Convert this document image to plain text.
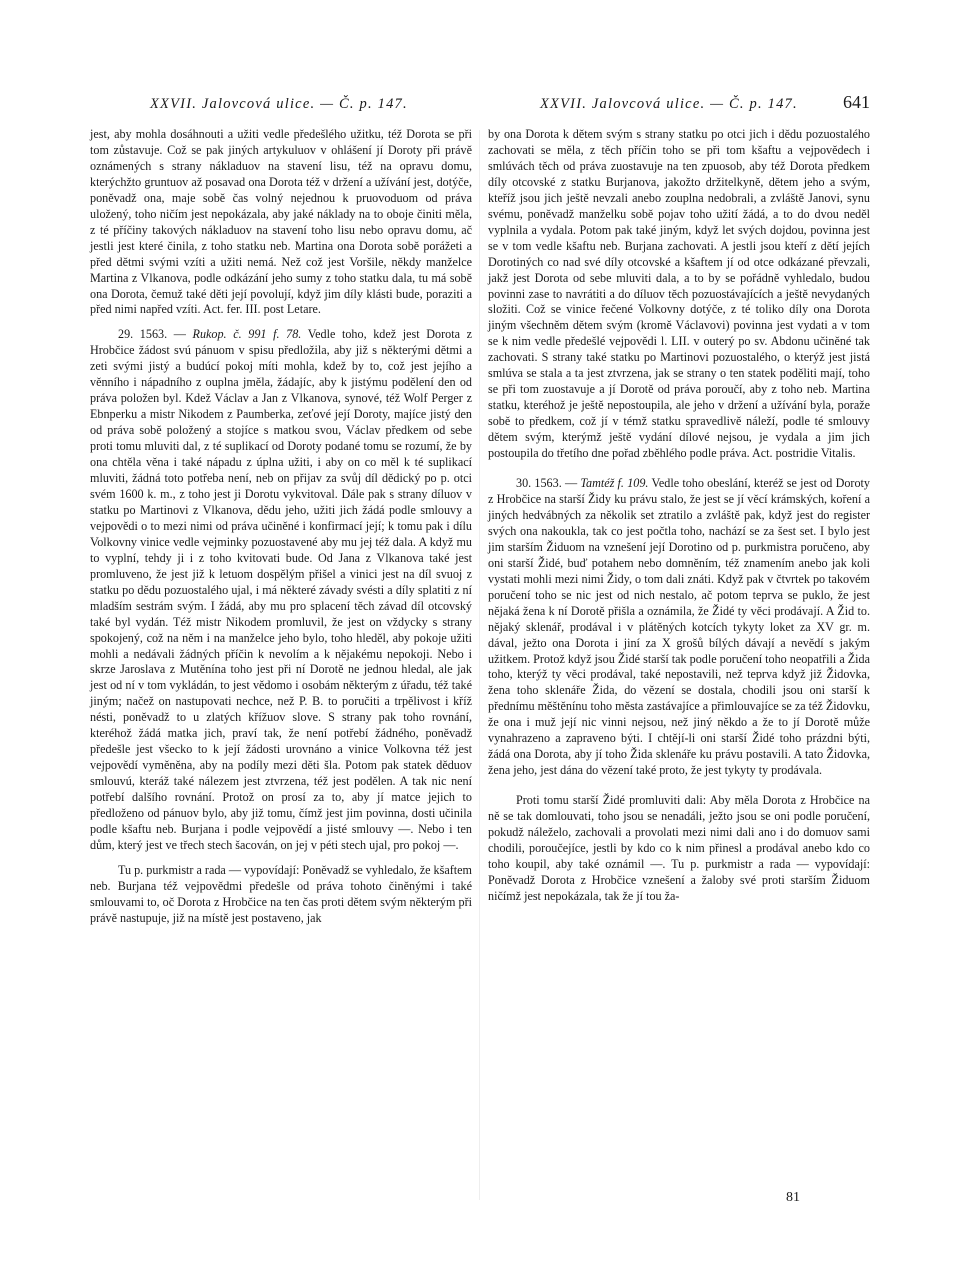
XXVII. Jalovcová ulice. — Č. p. 147.	XXVII. Jalovcová ulice. — Č. p. 147.	641

jest, aby mohla dosáhnouti a užiti vedle předešlého užitku, též Dorota se při tom zůstavuje. Což se pak jiných artykuluov v ohlášení jí Doroty při právě oznámených s strany nákladuov na stavení lisu, též na opravu domu, kterýchžto gruntuov až posavad ona Dorota též v držení a užívání jest, dotýče, poněvadž ona, maje sobě čas volný nejednou k pruovoduom od práva uložený, toho ničím jest nepokázala, aby jaké náklady na to oboje činiti měla, z té příčiny takových nákladuov na stavení toho lisu nebo opravu domu, ač jestli jest které činila, z toho statku neb. Martina ona Dorota sobě porážeti a před dětmi svými vzíti a užiti nemá. Než což jest Voršile, někdy manželce Martina z Vlkanova, podle odkázání jeho sumy z toho statku dala, tu má sobě ona Dorota, čemuž také děti její povolují, když jim díly klásti bude, poraziti a před nimi napřed vzíti. Act. fer. III. post Letare.

29. 1563. — Rukop. č. 991 f. 78. Vedle toho, kdež jest Dorota z Hrobčice žádost svú pánuom v spisu předložila, aby již s některými dětmi a zeti svými jistý a budúcí pokoj míti mohla, kdež by to, což jest jejího a věnního i nápadního z ouplna jměla, žádajíc, aby k jistýmu podělení den od práva položen byl. Kdež Václav a Jan z Vlkanova, synové, též Wolf Perger z Ebnperku a mistr Nikodem z Paumberka, zeťové její Doroty, majíce jistý den od práva sobě položený a stojíce s matkou svou, Václav předkem od sebe proti tomu mluviti dal, z té suplikací od Doroty podané tomu se rozumí, že by ona chtěla věna i také nápadu z úplna užiti, i aby on co měl k té suplikací mluviti, žádná toto potřeba není, neb on přijav za svůj díl dědický po p. otci svém 1600 k. m., z toho jest ji Dorotu vykvitoval. Dále pak s strany díluov v statku po Martinovi z Vlkanova, dědu jeho, užiti jich žádá podle smlouvy a vejpovědi o to mezi nimi od práva učiněné i konfirmací její; k tomu pak i dílu Volkovny vinice vedle vejminky pozuostavené aby mu jej též dala. A když mu to vyplní, tehdy ji i z toho kvitovati bude. Od Jana z Vlkanova také jest promluveno, že jest již k letuom dospělým přišel a vinici jest na díl svuoj z statku po dědu pozuostalého ujal, i má některé závady svésti a díly splatiti z ní mladším sestrám svým. I žádá, aby mu pro splacení těch závad díl otcovský také byl vydán. Též mistr Nikodem promluvil, že jest on vždycky s strany spokojený, což na něm i na manželce jeho bylo, toho hleděl, aby pokoje užiti mohli a nedávali žádných příčin k nevolím a k nějakému nepokoji. Nebo i skrze Jaroslava z Mutěnína toho jest při ní Dorotě ne jednou hledal, ale jak jest od ní v tom vykládán, to jest vědomo i osobám některým z úřadu, též také jiným; načež on nastupovati nechce, než P. B. to poručiti a trpělivost i kříž nésti, poněvadž to u zlatých křížuov slove. S strany pak toho rovnání, kteréhož žádá matka jich, praví tak, že není potřebí žádného, poněvadž předešle jest všecko to k její žádosti urovnáno a vinice Volkovna též jest vejpovědí vyměněna, aby na podíly mezi děti šla. Potom pak statek děduov smlouvú, kteráž také nálezem jest ztvrzena, též jest podělen. A tak nic není potřebí dalšího rovnání. Protož on prosí za to, aby jí matce jejich to předloženo od pánuov bylo, aby již tomu, čímž jest jim povinna, dosti učinila podle kšaftu neb. Burjana i podle vejpovědí a jisté smlouvy —. Nebo i ten dům, který jest ve třech stech šacován, on jej v péti stech ujal, pro pokoj —.

Tu p. purkmistr a rada — vypovídají: Poněvadž se vyhledalo, že kšaftem neb. Burjana též vejpovědmi předešle od práva tohoto činěnými i také smlouvami to, oč Dorota z Hrobčice na ten čas proti dětem svým některým při právě nastupuje, již na místě jest postaveno, jak

by ona Dorota k dětem svým s strany statku po otci jich i dědu pozuostalého zachovati se měla, z těch příčin toho se při tom kšaftu a vejpovědech i smlúvách těch od práva zuostavuje na ten zpuosob, aby též Dorota předkem díly otcovské z statku Burjanova, jakožto držitelkyně, dětem jeho a svým, kteříž jsou jich ještě nevzali anebo zouplna nedobrali, a zvláště Janovi, synu svému, poněvadž manželku sobě pojav toho užití žádá, a to do dvou neděl vyplnila a vydala. Potom pak také jiným, když let svých dojdou, povinna jest se v tom vedle kšaftu neb. Burjana zachovati. A jestli jsou kteří z dětí jejích Dorotiných co nad své díly otcovské a kšaftem jí od otce odkázané převzali, jakž jest Dorota od sebe mluviti dala, a to by se pořádně vyhledalo, budou povinni zase to navrátiti a do díluov těch pozuostávajících a ještě nevydaných složiti. Což se vinice řečené Volkovny dotýče, z té toliko díly ona Dorota jiným všechněm dětem svým (kromě Václavovi) povinna jest vydati a v tom se k nim vedle předešlé vejpovědi l. LII. v outerý po sv. Abdonu učiněné tak zachovati. S strany také statku po Martinovi pozuostalého, o kterýž jest jistá smlúva se stala a ta jest ztvrzena, jak se strany o ten statek poděliti mají, toho se při tom zuostavuje a jí Dorotě od práva poroučí, aby z toho neb. Martina statku, kteréhož je ještě nepostoupila, ale jeho v držení a užívání byla, poraže sobě to předkem, což jí v témž statku spravedlivě náleží, podle té smlouvy dětem svým, kterýmž ještě vydání dílové nejsou, je vydala a jim jich postoupila do třetího dne pořad zběhlého podle práva. Act. postridie Vitalis.

30. 1563. — Tamtéž f. 109. Vedle toho obeslání, kteréž se jest od Doroty z Hrobčice na starší Židy ku právu stalo, že jest se jí věcí krámských, koření a jiných hedvábných za několik set ztratilo a zvláště pak, když jest do register svých ona nakoukla, tak co jest počtla toho, nachází se za šest set. I bylo jest jim starším Židuom na vznešení její Dorotino od p. purkmistra poručeno, aby oni starší Židé, buď potahem nebo domněním, též znamením anebo jak koli vystati mohli mezi nimi Židy, o tom dali znáti. Když pak v čtvrtek po takovém poručení toho se nic jest od nich nestalo, ač potom teprva se puklo, že jest nějaká žena k ní Dorotě přišla a oznámila, že Židé ty věci prodávají. A Žid to. nějaký sklenář, prodával i v plátěných kotcích tykyty loket za XV gr. m. dával, ježto ona Dorota i jiní za X grošů bílých dávají a nevědí s jakým užitkem. Protož když jsou Židé starší tak podle poručení toho neopatřili a Žida toho, kterýž ty věci prodával, také nepostavili, než teprva když již Židovka, žena toho sklenáře Žida, do vězení se dostala, chodili jsou oni starší k přednímu měštěnínu toho města zastávajíce a přimlouvajíce se za též Židovku, že ona i muž její nic vinni nejsou, než jiný někdo a že to jí Dorotě může vynahrazeno a zapraveno býti. I chtějí-li oni starší Židé toho prázdni býti, žádá ona Dorota, aby jí toho Žida sklenáře ku právu postavili. A tato Židovka, žena jeho, jest dána do vězení také proto, že jest tykyty ty prodávala.

Proti tomu starší Židé promluviti dali: Aby měla Dorota z Hrobčice na ně se tak domlouvati, toho jsou se nenadáli, ježto jsou se oni podle poručení, pokudž náleželo, zachovali a provolati mezi nimi dali ano i do domuov sami chodili, poroučejíce, jestli by kdo co k nim přinesl a prodával anebo kdo co toho koupil, aby také oznámil —. Tu p. purkmistr a rada — vypovídají: Poněvadž Dorota z Hrobčice vznešení a žaloby své proti starším Židuom ničímž jest nepokázala, tak že jí tou ža-

81
